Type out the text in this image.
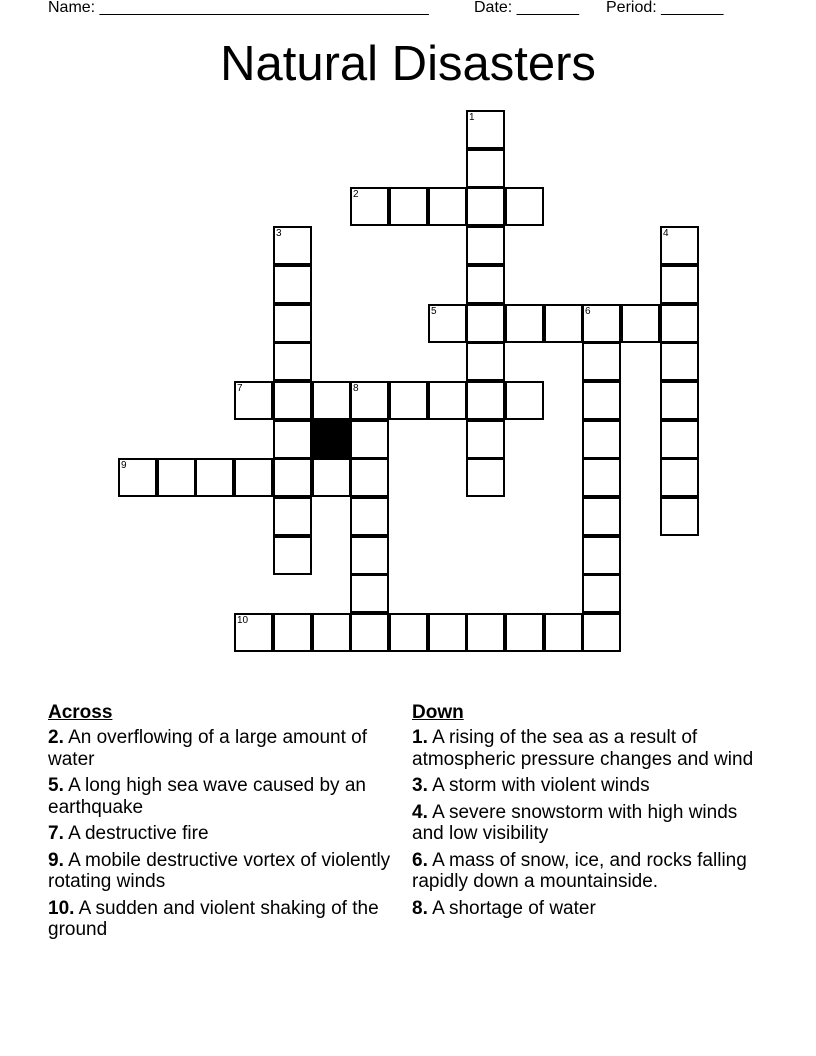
Name: _____________________________________	Date: _______ Period: _______
Natural Disasters
1
2
3	4
5	6
7	8
9
10
Across
2. An overflowing of a large amount of water
5. A long high sea wave caused by an earthquake
7. A destructive fire
9. A mobile destructive vortex of violently rotating winds
10. A sudden and violent shaking of the ground
Down
1. A rising of the sea as a result of atmospheric pressure changes and wind
3. A storm with violent winds
4. A severe snowstorm with high winds and low visibility
6. A mass of snow, ice, and rocks falling rapidly down a mountainside.
8. A shortage of water
